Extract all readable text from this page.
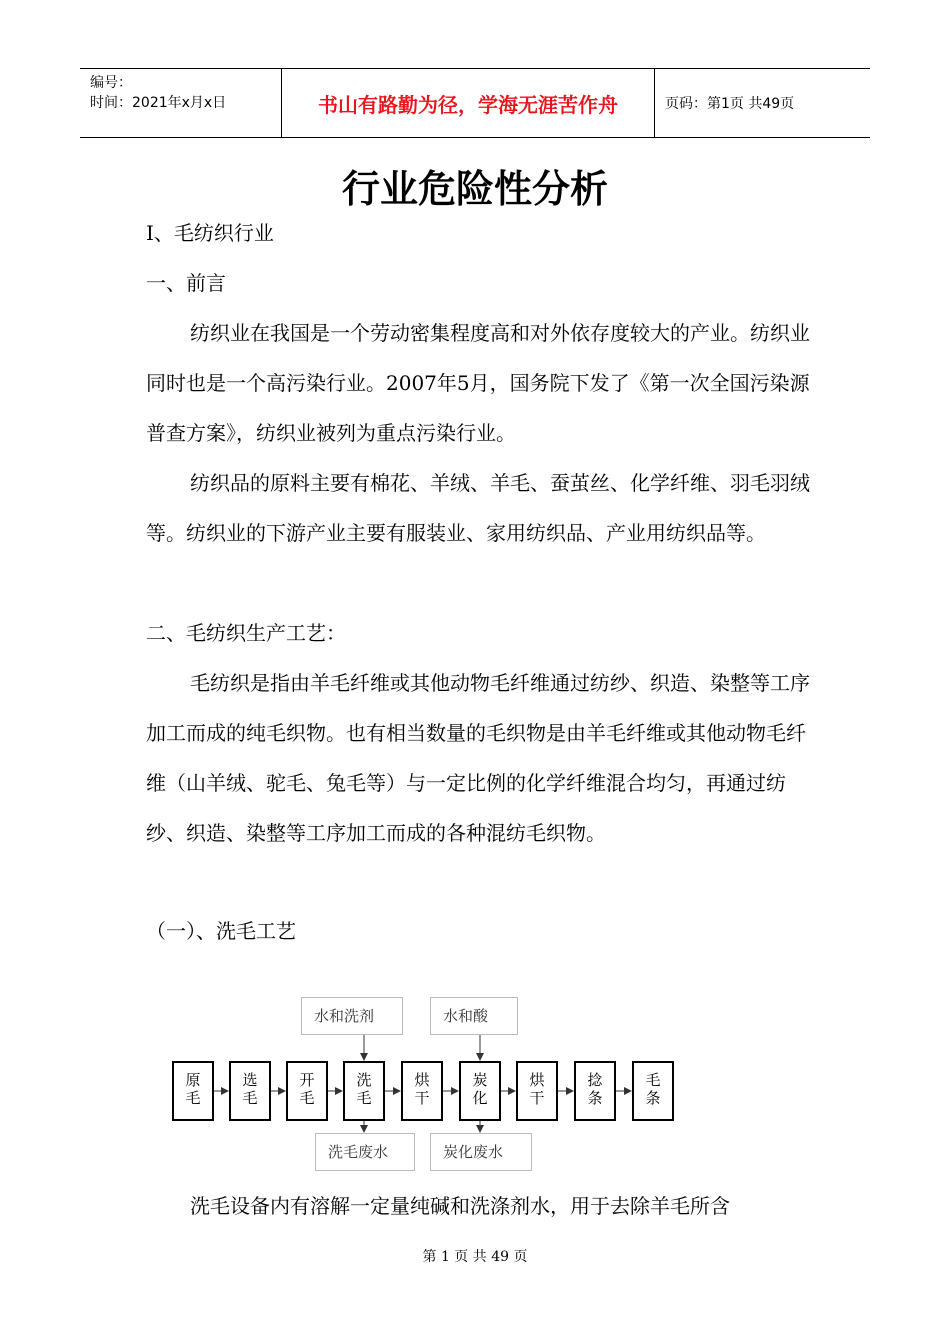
编号：
时间：2021年x月x日	书山有路勤为径，学海无涯苦作舟	页码：第1页 共49页
行业危险性分析

I、毛纺织行业

一、前言

纺织业在我国是一个劳动密集程度高和对外依存度较大的产业。纺织业同时也是一个高污染行业。2007年5月，国务院下发了《第一次全国污染源普查方案》，纺织业被列为重点污染行业。

纺织品的原料主要有棉花、羊绒、羊毛、蚕茧丝、化学纤维、羽毛羽绒等。纺织业的下游产业主要有服装业、家用纺织品、产业用纺织品等。

二、毛纺织生产工艺：

毛纺织是指由羊毛纤维或其他动物毛纤维通过纺纱、织造、染整等工序加工而成的纯毛织物。也有相当数量的毛织物是由羊毛纤维或其他动物毛纤维（山羊绒、驼毛、兔毛等）与一定比例的化学纤维混合均匀，再通过纺纱、织造、染整等工序加工而成的各种混纺毛织物。

（一）、洗毛工艺

原
毛
选
毛
开
毛
洗
毛
烘
干
炭
化
烘
干
捻
条
毛
条
水和洗剂	水和酸
洗毛废水	炭化废水

洗毛设备内有溶解一定量纯碱和洗涤剂水，用于去除羊毛所含

第 1 页 共 49 页
